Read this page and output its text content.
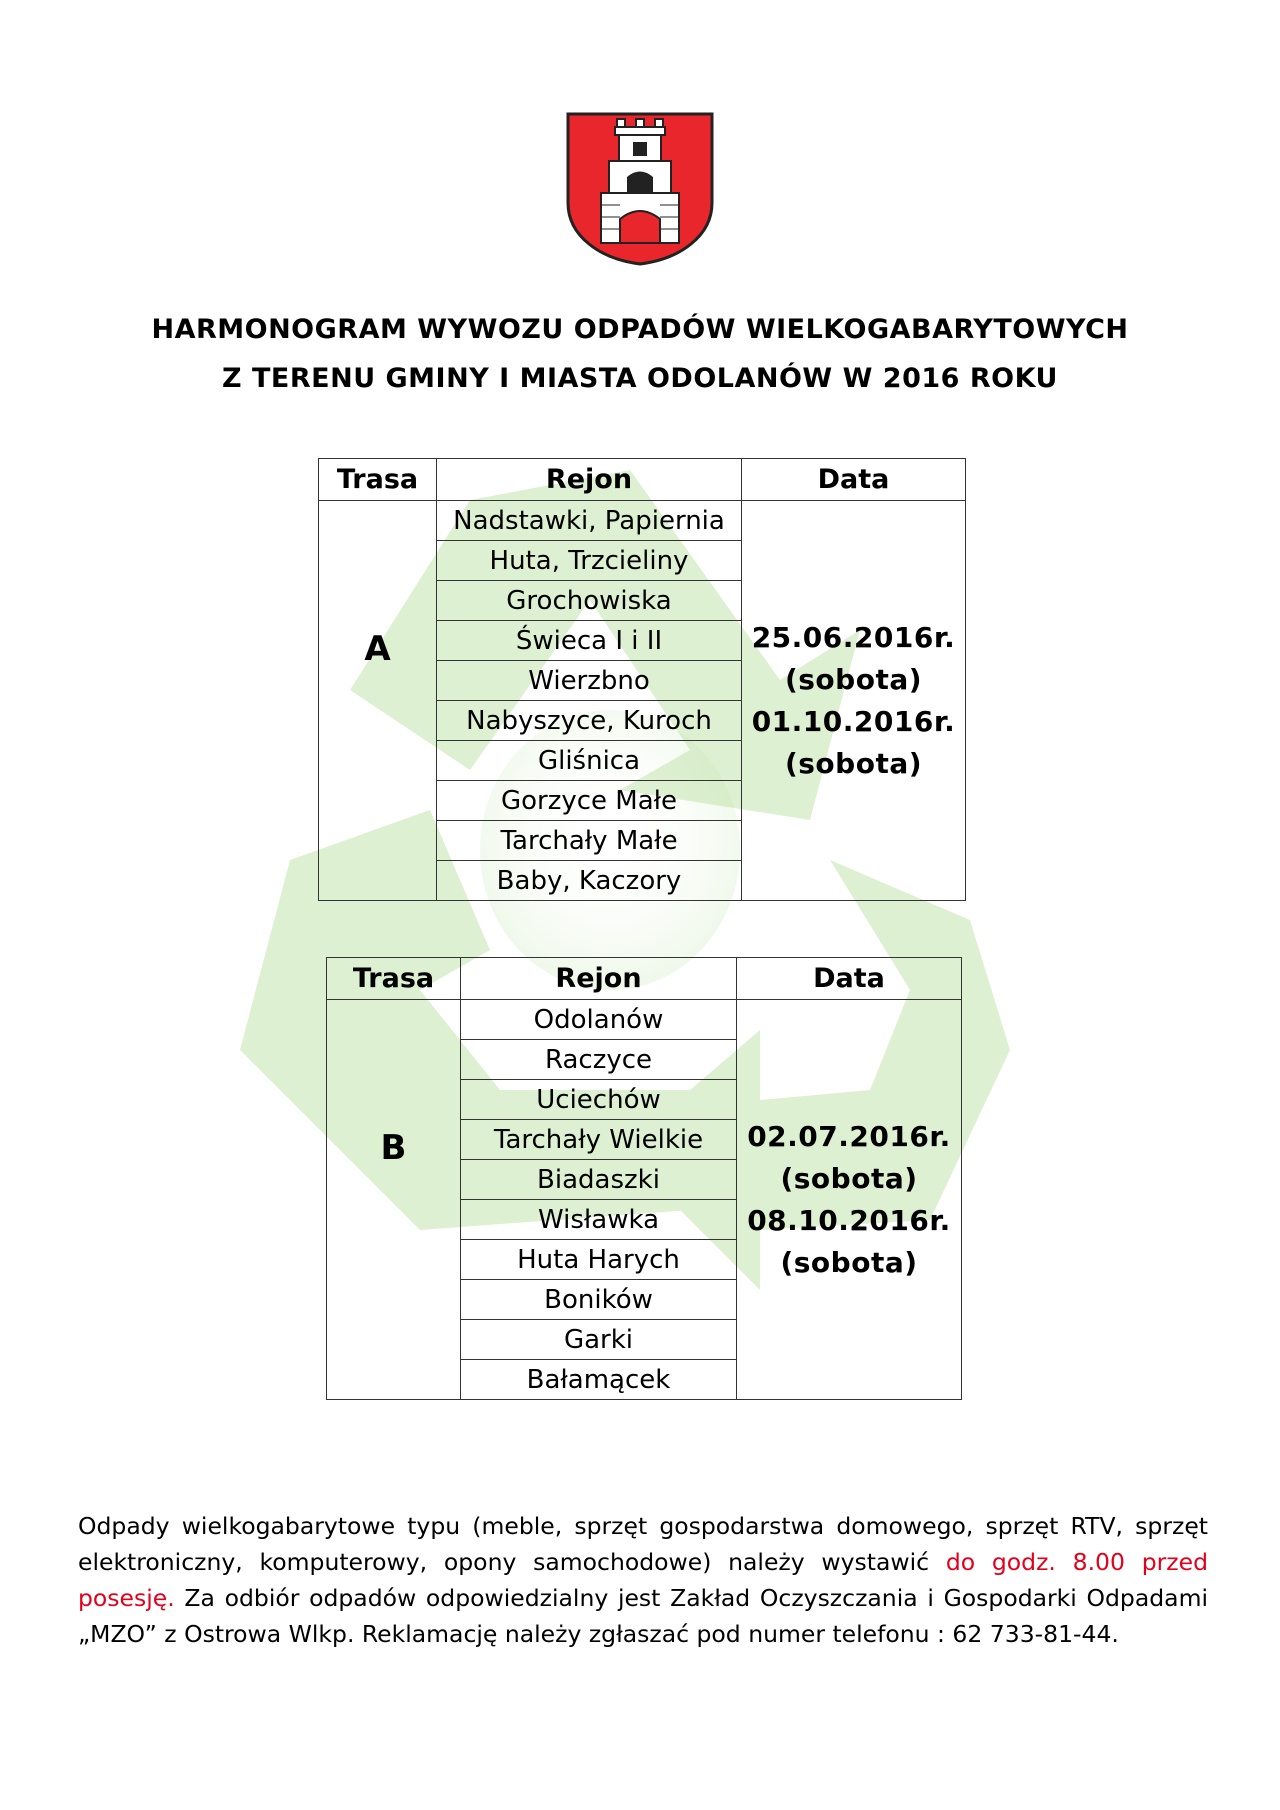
HARMONOGRAM WYWOZU ODPADÓW WIELKOGABARYTOWYCH
Z TERENU GMINY I MIASTA ODOLANÓW W 2016 ROKU
Trasa	Rejon	Data

A	Nadstawki, Papiernia	25.06.2016r.
(sobota)
01.10.2016r.
(sobota)

	Huta, Trzcieliny	
	Grochowiska	
	Świeca I i II	
	Wierzbno	
	Nabyszyce, Kuroch	
	Gliśnica	
	Gorzyce Małe	
	Tarchały Małe	
	Baby, Kaczory	
Trasa	Rejon	Data

B	Odolanów	02.07.2016r.
(sobota)
08.10.2016r.
(sobota)

	Raczyce	
	Uciechów	
	Tarchały Wielkie	
	Biadaszki	
	Wisławka	
	Huta Harych	
	Boników	
	Garki	
	Bałamącek	
Odpady wielkogabarytowe typu (meble, sprzęt gospodarstwa domowego, sprzęt RTV, sprzęt elektroniczny, komputerowy, opony samochodowe) należy wystawić do godz. 8.00 przed posesję. Za odbiór odpadów odpowiedzialny jest Zakład Oczyszczania i Gospodarki Odpadami „MZO” z Ostrowa Wlkp. Reklamację należy zgłaszać pod numer telefonu : 62 733-81-44.
